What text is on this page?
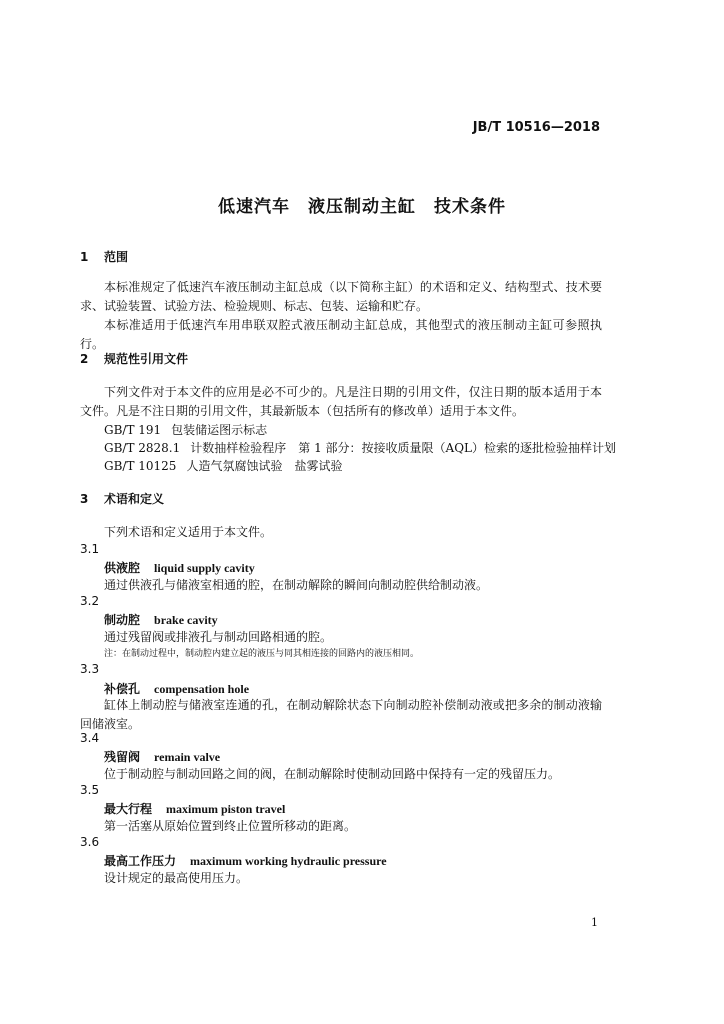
JB/T 10516—2018
低速汽车　液压制动主缸　技术条件
1 范围

本标准规定了低速汽车液压制动主缸总成（以下简称主缸）的术语和定义、结构型式、技术要求、试验装置、试验方法、检验规则、标志、包装、运输和贮存。

本标准适用于低速汽车用串联双腔式液压制动主缸总成，其他型式的液压制动主缸可参照执行。

2 规范性引用文件

下列文件对于本文件的应用是必不可少的。凡是注日期的引用文件，仅注日期的版本适用于本文件。凡是不注日期的引用文件，其最新版本（包括所有的修改单）适用于本文件。

GB/T 191 包装储运图示标志
GB/T 2828.1 计数抽样检验程序　第 1 部分：按接收质量限（AQL）检索的逐批检验抽样计划
GB/T 10125 人造气氛腐蚀试验　盐雾试验
3 术语和定义

下列术语和定义适用于本文件。

3.1
供液腔 liquid supply cavity
通过供液孔与储液室相通的腔，在制动解除的瞬间向制动腔供给制动液。
3.2
制动腔 brake cavity
通过残留阀或排液孔与制动回路相通的腔。
注：在制动过程中，制动腔内建立起的液压与同其相连接的回路内的液压相同。
3.3
补偿孔 compensation hole

缸体上制动腔与储液室连通的孔，在制动解除状态下向制动腔补偿制动液或把多余的制动液输回储液室。

3.4
残留阀 remain valve
位于制动腔与制动回路之间的阀，在制动解除时使制动回路中保持有一定的残留压力。
3.5
最大行程 maximum piston travel
第一活塞从原始位置到终止位置所移动的距离。
3.6
最高工作压力 maximum working hydraulic pressure
设计规定的最高使用压力。
1
